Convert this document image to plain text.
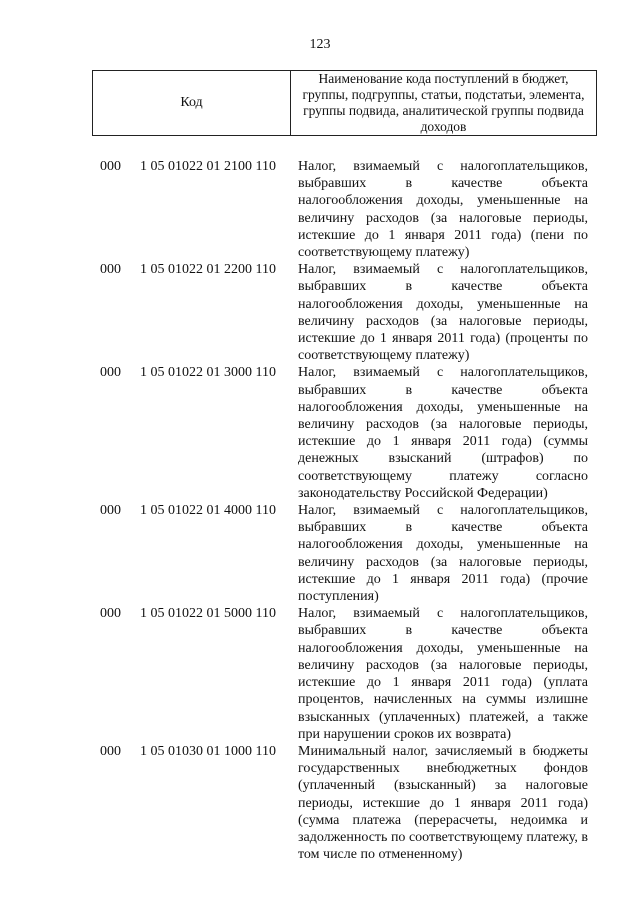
123
Код
Наименование кода поступлений в бюджет, группы, подгруппы, статьи, подстатьи, элемента, группы подвида, аналитической группы подвида доходов
000	1 05 01022 01 2100 110	Налог, взимаемый с налогоплательщиков, выбравших в качестве объекта налогообложения доходы, уменьшенные на величину расходов (за налоговые периоды, истекшие до 1 января 2011 года) (пени по соответствующему платежу)
000	1 05 01022 01 2200 110	Налог, взимаемый с налогоплательщиков, выбравших в качестве объекта налогообложения доходы, уменьшенные на величину расходов (за налоговые периоды, истекшие до 1 января 2011 года) (проценты по соответствующему платежу)
000	1 05 01022 01 3000 110	Налог, взимаемый с налогоплательщиков, выбравших в качестве объекта налогообложения доходы, уменьшенные на величину расходов (за налоговые периоды, истекшие до 1 января 2011 года) (суммы денежных взысканий (штрафов) по соответствующему платежу согласно законодательству Российской Федерации)
000	1 05 01022 01 4000 110	Налог, взимаемый с налогоплательщиков, выбравших в качестве объекта налогообложения доходы, уменьшенные на величину расходов (за налоговые периоды, истекшие до 1 января 2011 года) (прочие поступления)
000	1 05 01022 01 5000 110	Налог, взимаемый с налогоплательщиков, выбравших в качестве объекта налогообложения доходы, уменьшенные на величину расходов (за налоговые периоды, истекшие до 1 января 2011 года) (уплата процентов, начисленных на суммы излишне взысканных (уплаченных) платежей, а также при нарушении сроков их возврата)
000	1 05 01030 01 1000 110	Минимальный налог, зачисляемый в бюджеты государственных внебюджетных фондов (уплаченный (взысканный) за налоговые периоды, истекшие до 1 января 2011 года) (сумма платежа (перерасчеты, недоимка и задолженность по соответствующему платежу, в том числе по отмененному)
